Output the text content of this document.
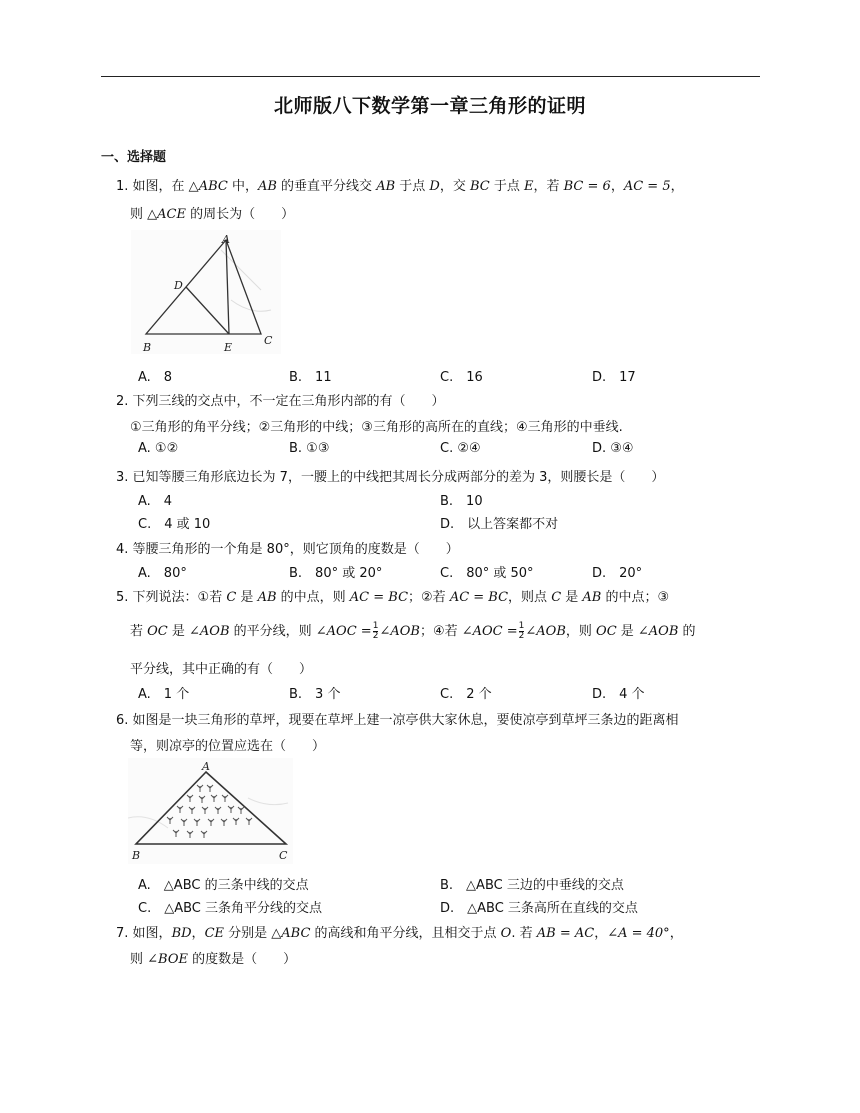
北师版八下数学第一章三角形的证明
一、选择题
1. 如图，在 △ABC 中，AB 的垂直平分线交 AB 于点 D，交 BC 于点 E，若 BC = 6，AC = 5，
则 △ACE 的周长为（　　）
A
B
C
D
E
A.　8	B.　11	C.　16	D.　17
2. 下列三线的交点中，不一定在三角形内部的有（　　）
①三角形的角平分线；②三角形的中线；③三角形的高所在的直线；④三角形的中垂线.
A. ①②	B. ①③	C. ②④	D. ③④
3. 已知等腰三角形底边长为 7，一腰上的中线把其周长分成两部分的差为 3，则腰长是（　　）
A.　4	B.　10
C.　4 或 10	D.　以上答案都不对
4. 等腰三角形的一个角是 80°，则它顶角的度数是（　　）
A.　80°	B.　80° 或 20°	C.　80° 或 50°	D.　20°
5. 下列说法：①若 C 是 AB 的中点，则 AC = BC；②若 AC = BC，则点 C 是 AB 的中点；③
若 OC 是 ∠AOB 的平分线，则 ∠AOC = $\frac{1}{2}$ ∠AOB；④若 ∠AOC = $\frac{1}{2}$ ∠AOB，则 OC 是 ∠AOB 的
平分线，其中正确的有（　　）
A.　1 个	B.　3 个	C.　2 个	D.　4 个
6. 如图是一块三角形的草坪，现要在草坪上建一凉亭供大家休息，要使凉亭到草坪三条边的距离相
等，则凉亭的位置应选在（　　）
A
B	C
A.　△ABC 的三条中线的交点	B.　△ABC 三边的中垂线的交点
C.　△ABC 三条角平分线的交点	D.　△ABC 三条高所在直线的交点
7. 如图，BD，CE 分别是 △ABC 的高线和角平分线，且相交于点 O. 若 AB = AC，∠A = 40°，
则 ∠BOE 的度数是（　　）
